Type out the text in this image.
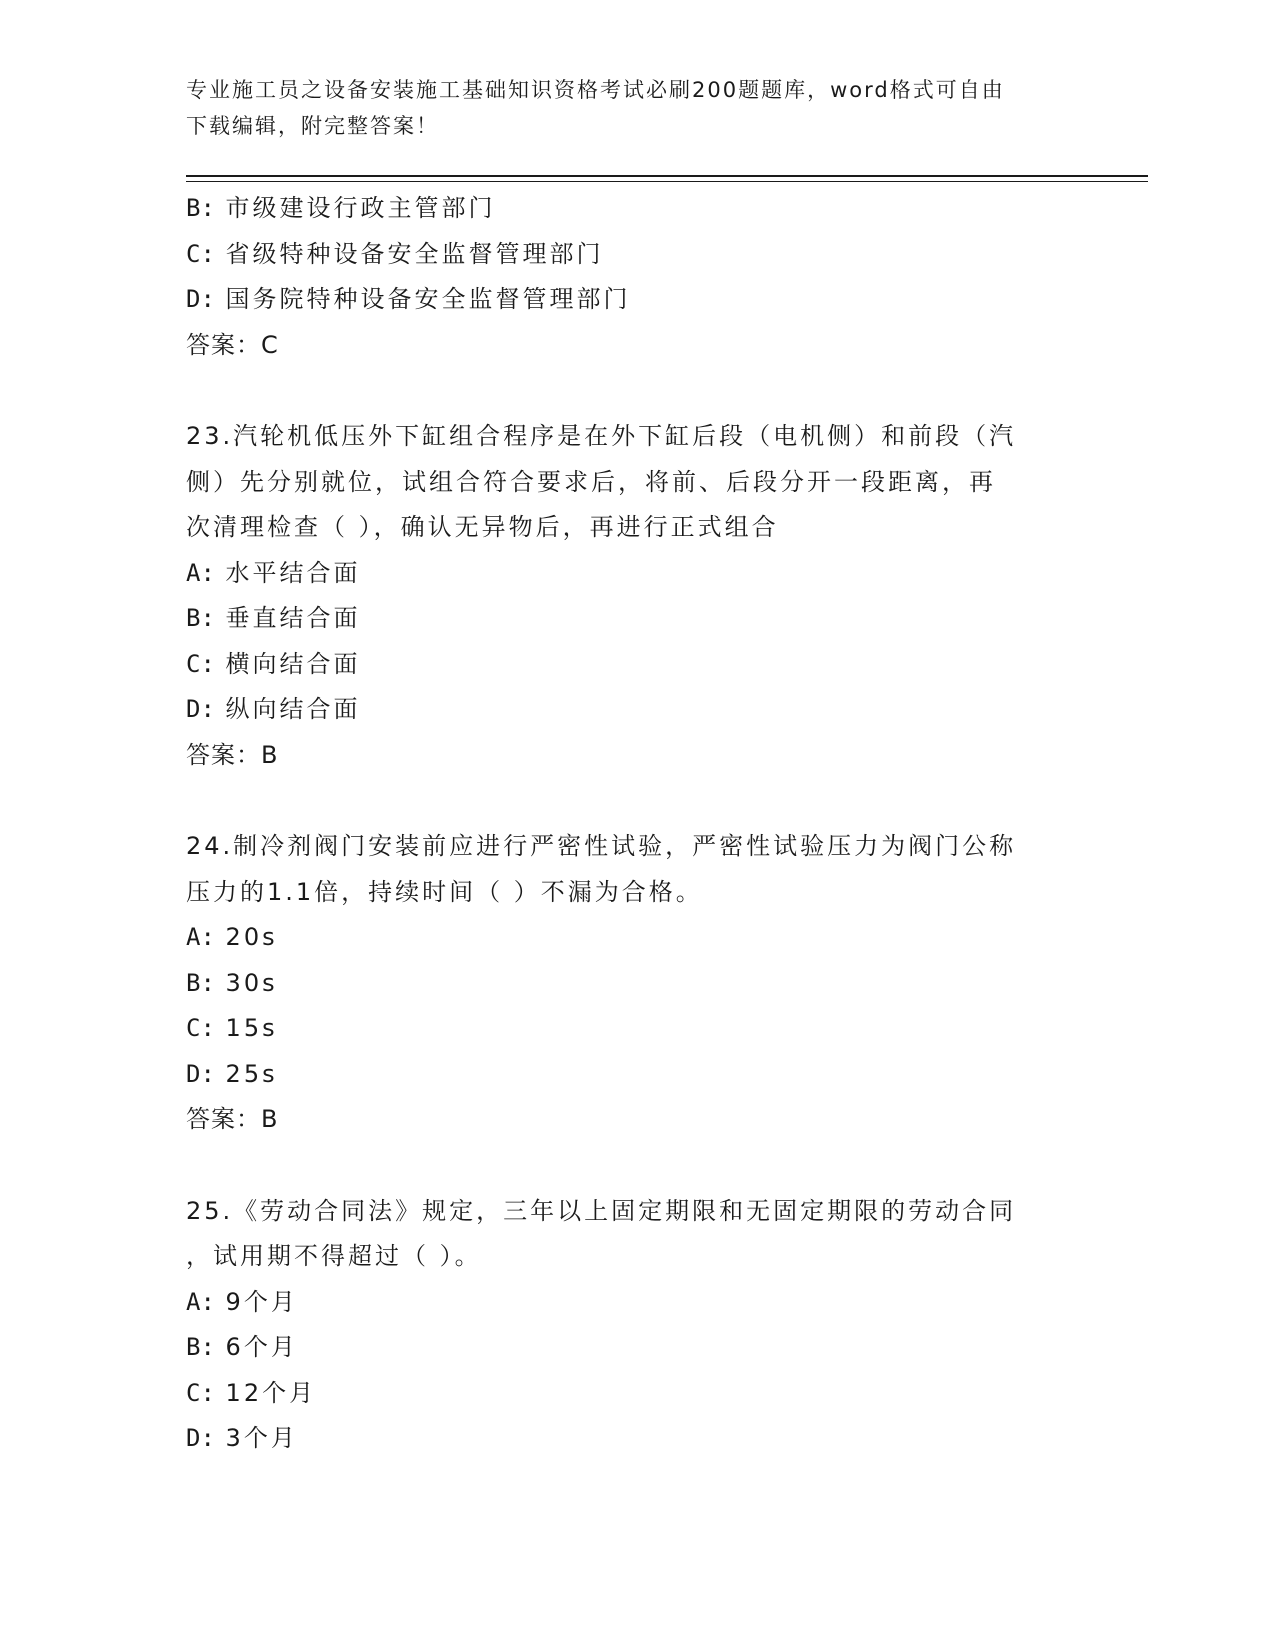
专业施工员之设备安装施工基础知识资格考试必刷200题题库，word格式可自由
下载编辑，附完整答案！
B: 市级建设行政主管部门
C: 省级特种设备安全监督管理部门
D: 国务院特种设备安全监督管理部门
答案：C
23.汽轮机低压外下缸组合程序是在外下缸后段（电机侧）和前段（汽
侧）先分别就位，试组合符合要求后，将前、后段分开一段距离，再
次清理检查（ ），确认无异物后，再进行正式组合
A: 水平结合面
B: 垂直结合面
C: 横向结合面
D: 纵向结合面
答案：B
24.制冷剂阀门安装前应进行严密性试验，严密性试验压力为阀门公称
压力的1.1倍，持续时间（ ）不漏为合格。
A: 20s
B: 30s
C: 15s
D: 25s
答案：B
25.《劳动合同法》规定，三年以上固定期限和无固定期限的劳动合同
，试用期不得超过（ ）。
A: 9个月
B: 6个月
C: 12个月
D: 3个月
